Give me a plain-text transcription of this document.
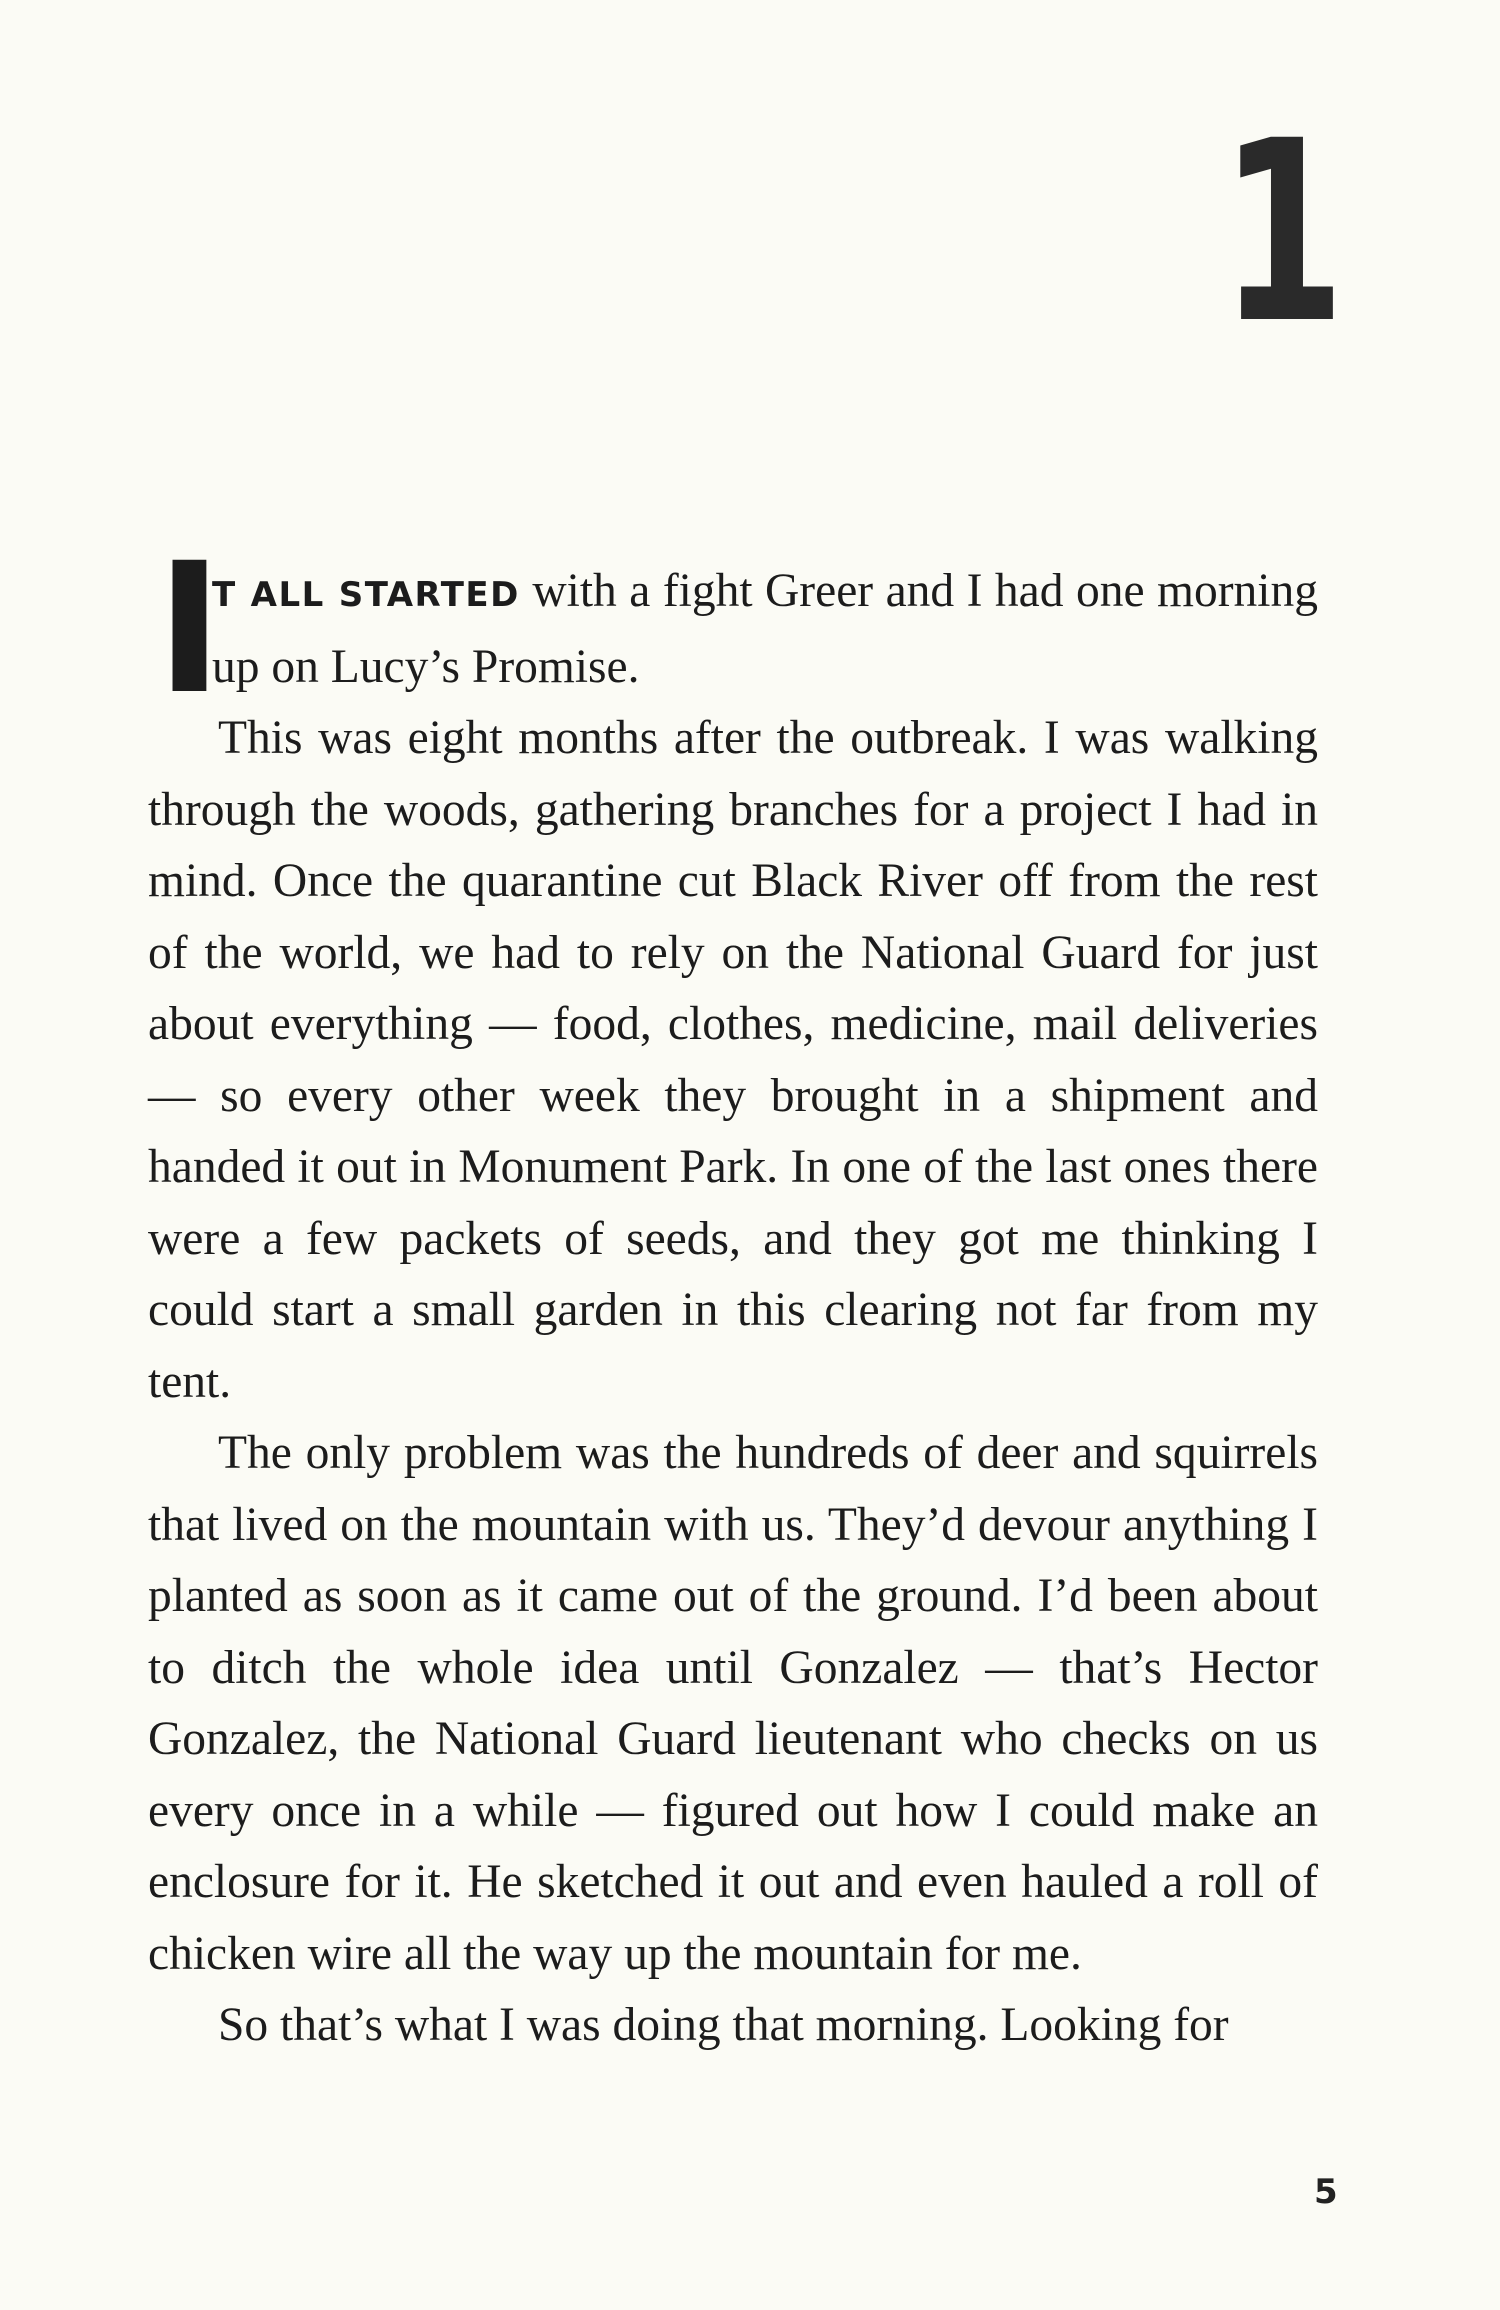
1

I
T ALL STARTED with a fight Greer and I had one morning up on Lucy’s Promise.

This was eight months after the outbreak. I was walking through the woods, gathering branches for a project I had in mind. Once the quarantine cut Black River off from the rest of the world, we had to rely on the National Guard for just about everything — food, clothes, medicine, mail deliveries — so every other week they brought in a shipment and handed it out in Monument Park. In one of the last ones there were a few packets of seeds, and they got me thinking I could start a small garden in this clearing not far from my tent.

The only problem was the hundreds of deer and squirrels that lived on the mountain with us. They’d devour anything I planted as soon as it came out of the ground. I’d been about to ditch the whole idea until Gonzalez — that’s Hector Gonzalez, the National Guard lieutenant who checks on us every once in a while — figured out how I could make an enclosure for it. He sketched it out and even hauled a roll of chicken wire all the way up the mountain for me.

So that’s what I was doing that morning. Looking for

5
